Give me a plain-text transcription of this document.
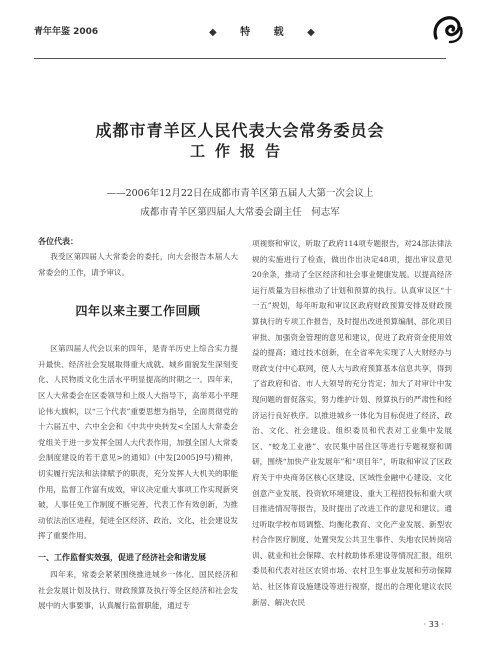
青年年鉴 2006	◆ 特 载 ◆
成都市青羊区人民代表大会常务委员会
工作报告
——2006年12月22日在成都市青羊区第五届人大第一次会议上
成都市青羊区第四届人大常委会副主任　何志军

各位代表：

我受区第四届人大常委会的委托，向大会报告本届人大常委会的工作，请予审议。

四年以来主要工作回顾

区第四届人代会以来的四年，是青羊历史上综合实力提升最快、经济社会发展取得重大成就、城乡面貌发生深刻变化、人民物质文化生活水平明显提高的时期之一。四年来，区人大常委会在区委领导和上级人大指导下，高举邓小平理论伟大旗帜，以“三个代表”重要思想为指导，全面贯彻党的十六届五中、六中全会和《中共中央转发<全国人大常委会党组关于进一步发挥全国人大代表作用，加强全国人大常委会制度建设的若干意见>的通知》(中发[2005]9号)精神，切实履行宪法和法律赋予的职责，充分发挥人大机关的职能作用，监督工作富有成效，审议决定重大事项工作实现新突破，人事任免工作制度不断完善，代表工作有效创新，为推动依法治区进程，促进全区经济、政治、文化、社会建设发挥了重要作用。

一、工作监督实效强，促进了经济社会和谐发展

四年来，常委会紧紧围绕推进城乡一体化、国民经济和社会发展计划及执行、财政预算及执行等全区经济和社会发展中的大事要事，认真履行监督职能，通过专

项视察和审议，听取了政府114项专题报告，对24部法律法规的实施进行了检查，做出作出决定48项，提出审议意见20余条，推动了全区经济和社会事业健康发展。以提高经济运行质量为目标推动了计划和预算的执行。认真审议区“十一五”规划，每年听取和审议区政府财政预算安排及财政预算执行的专项工作报告，及时提出改进预算编制、部化项目审批、加强资金管理的意见和建议，促进了政府资金使用效益的提高；通过技术创新，在全省率先实现了人大财经办与财政支付中心联网，使人大与政府预算基本信息共享，得到了省政府和省、市人大领导的充分肯定；加大了对审计中发现问题的督促落实，努力维护计划、预算执行的严肃性和经济运行良好秩序。以推进城乡一体化为目标促进了经济、政治、文化、社会建设。组织委员和代表对工业集中发展区、“蛟龙工业港”、农民集中居住区等进行专题视察和调研，围绕“加快产业发展年”和“项目年”，听取和审议了区政府关于中央商务区核心区建设、区域性金融中心建设、文化创意产业发展、投资软环境建设、重大工程招投标和重大项目推进情况等报告，及时提出了改进工作的意见和建议。通过听取学校布局调整、均衡化教育、文化产业发展、新型农村合作医疗制度、处置突发公共卫生事件、失地农民转岗培训、就业和社会保障、农村救助体系建设等情况汇报，组织委员和代表对社区农贸市场、农村卫生事业发展和劳动保障站、社区体育设施建设等进行视察，提出的合理化建议农民新居、解决农民

· 33 ·
